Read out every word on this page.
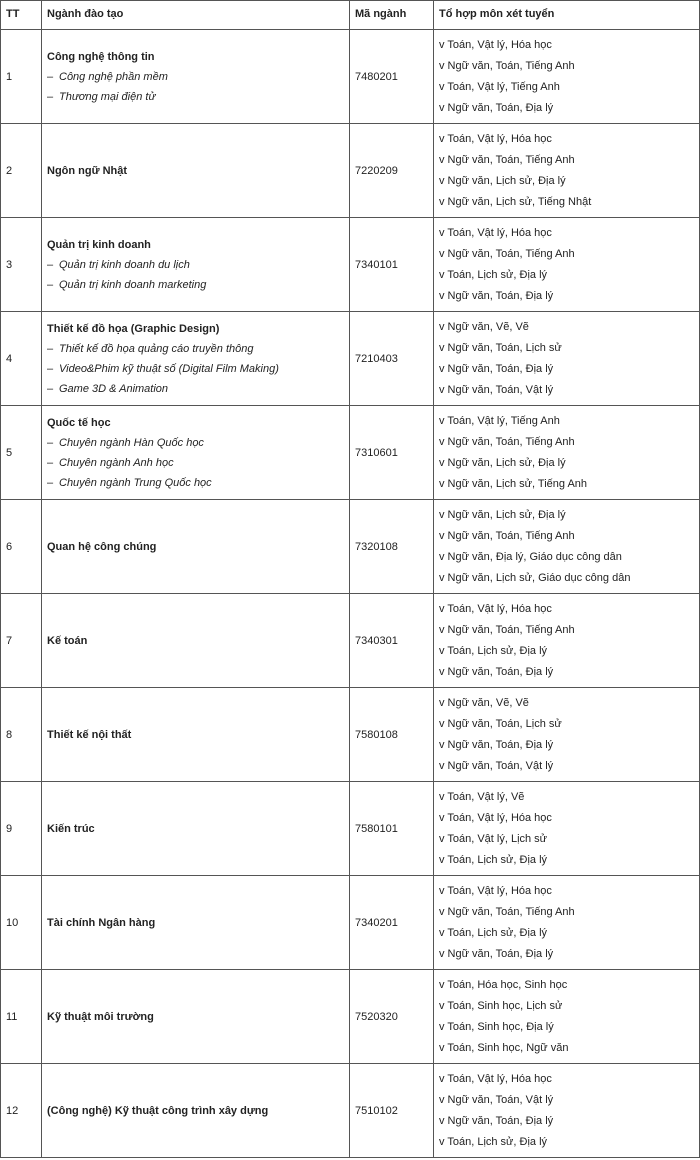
TT	Ngành đào tạo	Mã ngành	Tổ hợp môn xét tuyển
1	Công nghệ thông tin
– Công nghệ phần mềm
– Thương mại điện tử	7480201	v Toán, Vật lý, Hóa học
v Ngữ văn, Toán, Tiếng Anh
v Toán, Vật lý, Tiếng Anh
v Ngữ văn, Toán, Địa lý

2	Ngôn ngữ Nhật	7220209	v Toán, Vật lý, Hóa học
v Ngữ văn, Toán, Tiếng Anh
v Ngữ văn, Lịch sử, Địa lý
v Ngữ văn, Lịch sử, Tiếng Nhật

3	Quản trị kinh doanh
– Quản trị kinh doanh du lịch
– Quản trị kinh doanh marketing	7340101	v Toán, Vật lý, Hóa học
v Ngữ văn, Toán, Tiếng Anh
v Toán, Lịch sử, Địa lý
v Ngữ văn, Toán, Địa lý

4	Thiết kế đồ họa (Graphic Design)
– Thiết kế đồ họa quảng cáo truyền thông
– Video&Phim kỹ thuật số (Digital Film Making)
– Game 3D & Animation	7210403	v Ngữ văn, Vẽ, Vẽ
v Ngữ văn, Toán, Lịch sử
v Ngữ văn, Toán, Địa lý
v Ngữ văn, Toán, Vật lý

5	Quốc tế học
– Chuyên ngành Hàn Quốc học
– Chuyên ngành Anh học
– Chuyên ngành Trung Quốc học	7310601	v Toán, Vật lý, Tiếng Anh
v Ngữ văn, Toán, Tiếng Anh
v Ngữ văn, Lịch sử, Địa lý
v Ngữ văn, Lịch sử, Tiếng Anh

6	Quan hệ công chúng	7320108	v Ngữ văn, Lịch sử, Địa lý
v Ngữ văn, Toán, Tiếng Anh
v Ngữ văn, Địa lý, Giáo dục công dân
v Ngữ văn, Lịch sử, Giáo dục công dân

7	Kế toán	7340301	v Toán, Vật lý, Hóa học
v Ngữ văn, Toán, Tiếng Anh
v Toán, Lịch sử, Địa lý
v Ngữ văn, Toán, Địa lý

8	Thiết kế nội thất	7580108	v Ngữ văn, Vẽ, Vẽ
v Ngữ văn, Toán, Lịch sử
v Ngữ văn, Toán, Địa lý
v Ngữ văn, Toán, Vật lý

9	Kiến trúc	7580101	v Toán, Vật lý, Vẽ
v Toán, Vật lý, Hóa học
v Toán, Vật lý, Lịch sử
v Toán, Lịch sử, Địa lý

10	Tài chính Ngân hàng	7340201	v Toán, Vật lý, Hóa học
v Ngữ văn, Toán, Tiếng Anh
v Toán, Lịch sử, Địa lý
v Ngữ văn, Toán, Địa lý

11	Kỹ thuật môi trường	7520320	v Toán, Hóa học, Sinh học
v Toán, Sinh học, Lịch sử
v Toán, Sinh học, Địa lý
v Toán, Sinh học, Ngữ văn

12	(Công nghệ) Kỹ thuật công trình xây dựng	7510102	v Toán, Vật lý, Hóa học
v Ngữ văn, Toán, Vật lý
v Ngữ văn, Toán, Địa lý
v Toán, Lịch sử, Địa lý
